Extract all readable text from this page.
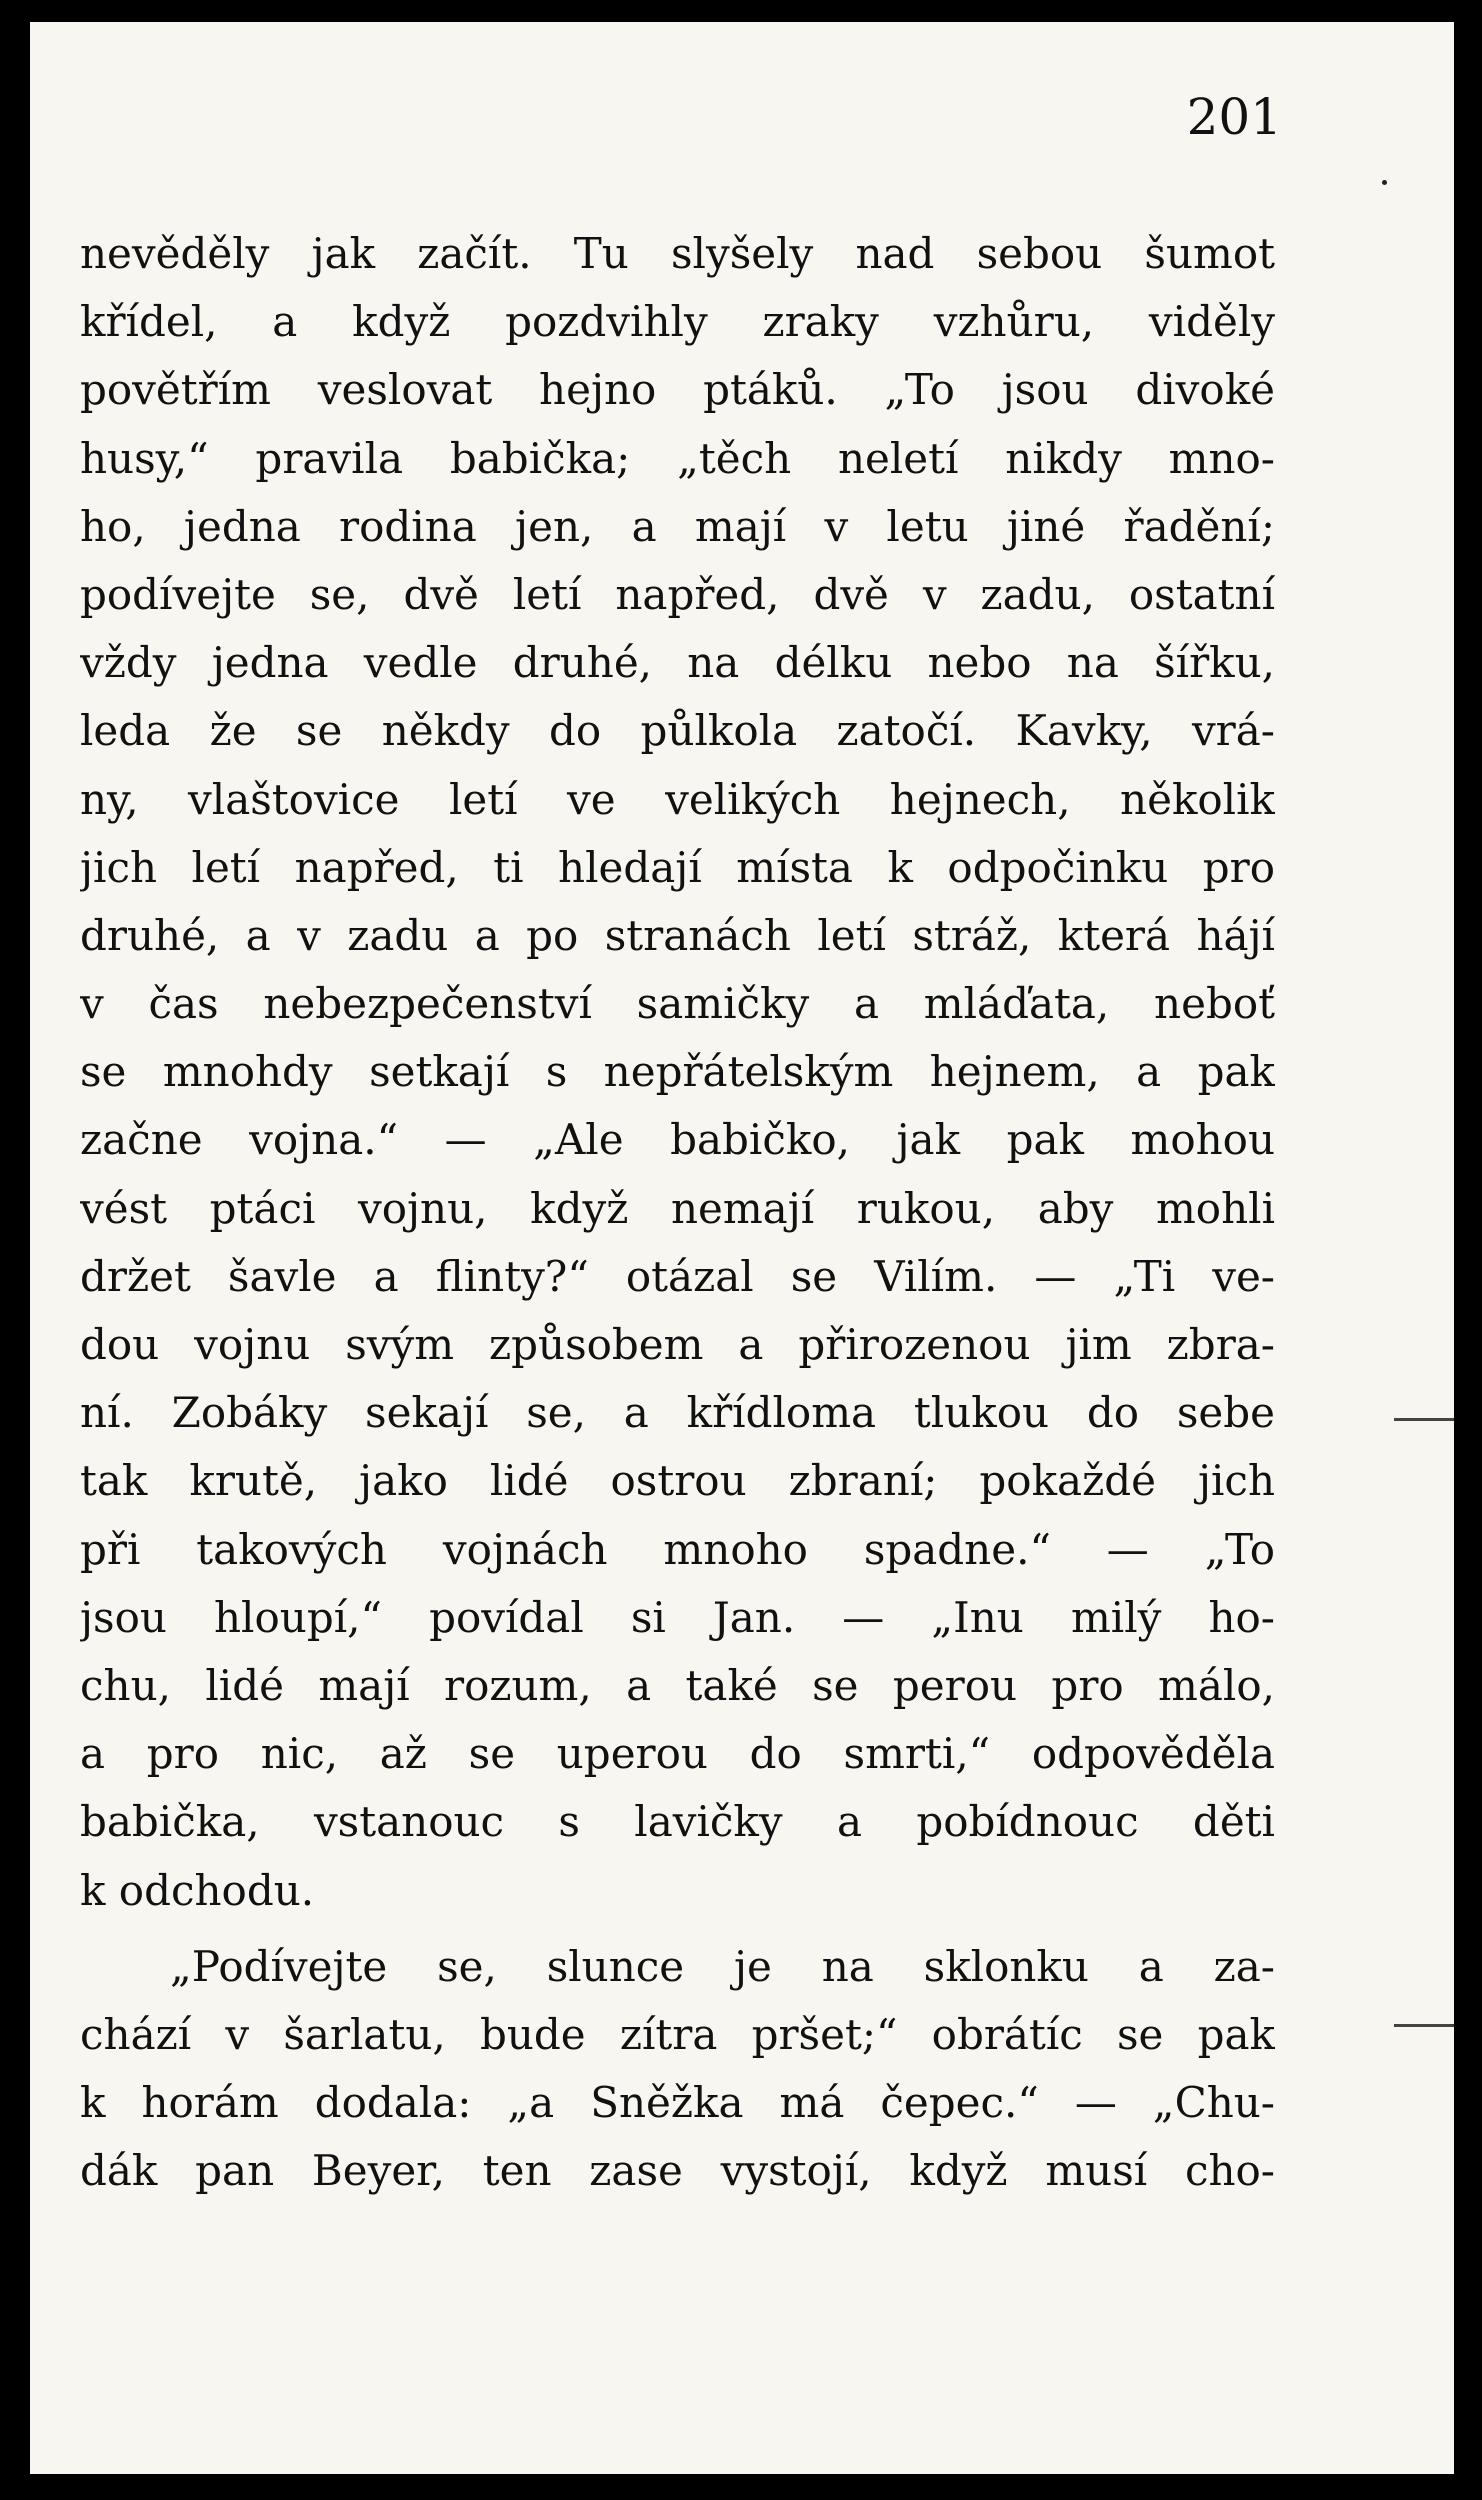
201

nevěděly jak začít. Tu slyšely nad sebou šumot
křídel, a když pozdvihly zraky vzhůru, viděly
povětřím veslovat hejno ptáků. „To jsou divoké
husy,“ pravila babička; „těch neletí nikdy mno-
ho, jedna rodina jen, a mají v letu jiné řadění;
podívejte se, dvě letí napřed, dvě v zadu, ostatní
vždy jedna vedle druhé, na délku nebo na šířku,
leda že se někdy do půlkola zatočí. Kavky, vrá-
ny, vlaštovice letí ve velikých hejnech, několik
jich letí napřed, ti hledají místa k odpočinku pro
druhé, a v zadu a po stranách letí stráž, která hájí
v čas nebezpečenství samičky a mláďata, neboť
se mnohdy setkají s nepřátelským hejnem, a pak
začne vojna.“ — „Ale babičko, jak pak mohou
vést ptáci vojnu, když nemají rukou, aby mohli
držet šavle a flinty?“ otázal se Vilím. — „Ti ve-
dou vojnu svým způsobem a přirozenou jim zbra-
ní. Zobáky sekají se, a křídloma tlukou do sebe
tak krutě, jako lidé ostrou zbraní; pokaždé jich
při takových vojnách mnoho spadne.“ — „To
jsou hloupí,“ povídal si Jan. — „Inu milý ho-
chu, lidé mají rozum, a také se perou pro málo,
a pro nic, až se uperou do smrti,“ odpověděla
babička, vstanouc s lavičky a pobídnouc děti
k odchodu.
„Podívejte se, slunce je na sklonku a za-
chází v šarlatu, bude zítra pršet;“ obrátíc se pak
k horám dodala: „a Sněžka má čepec.“ — „Chu-
dák pan Beyer, ten zase vystojí, když musí cho-
